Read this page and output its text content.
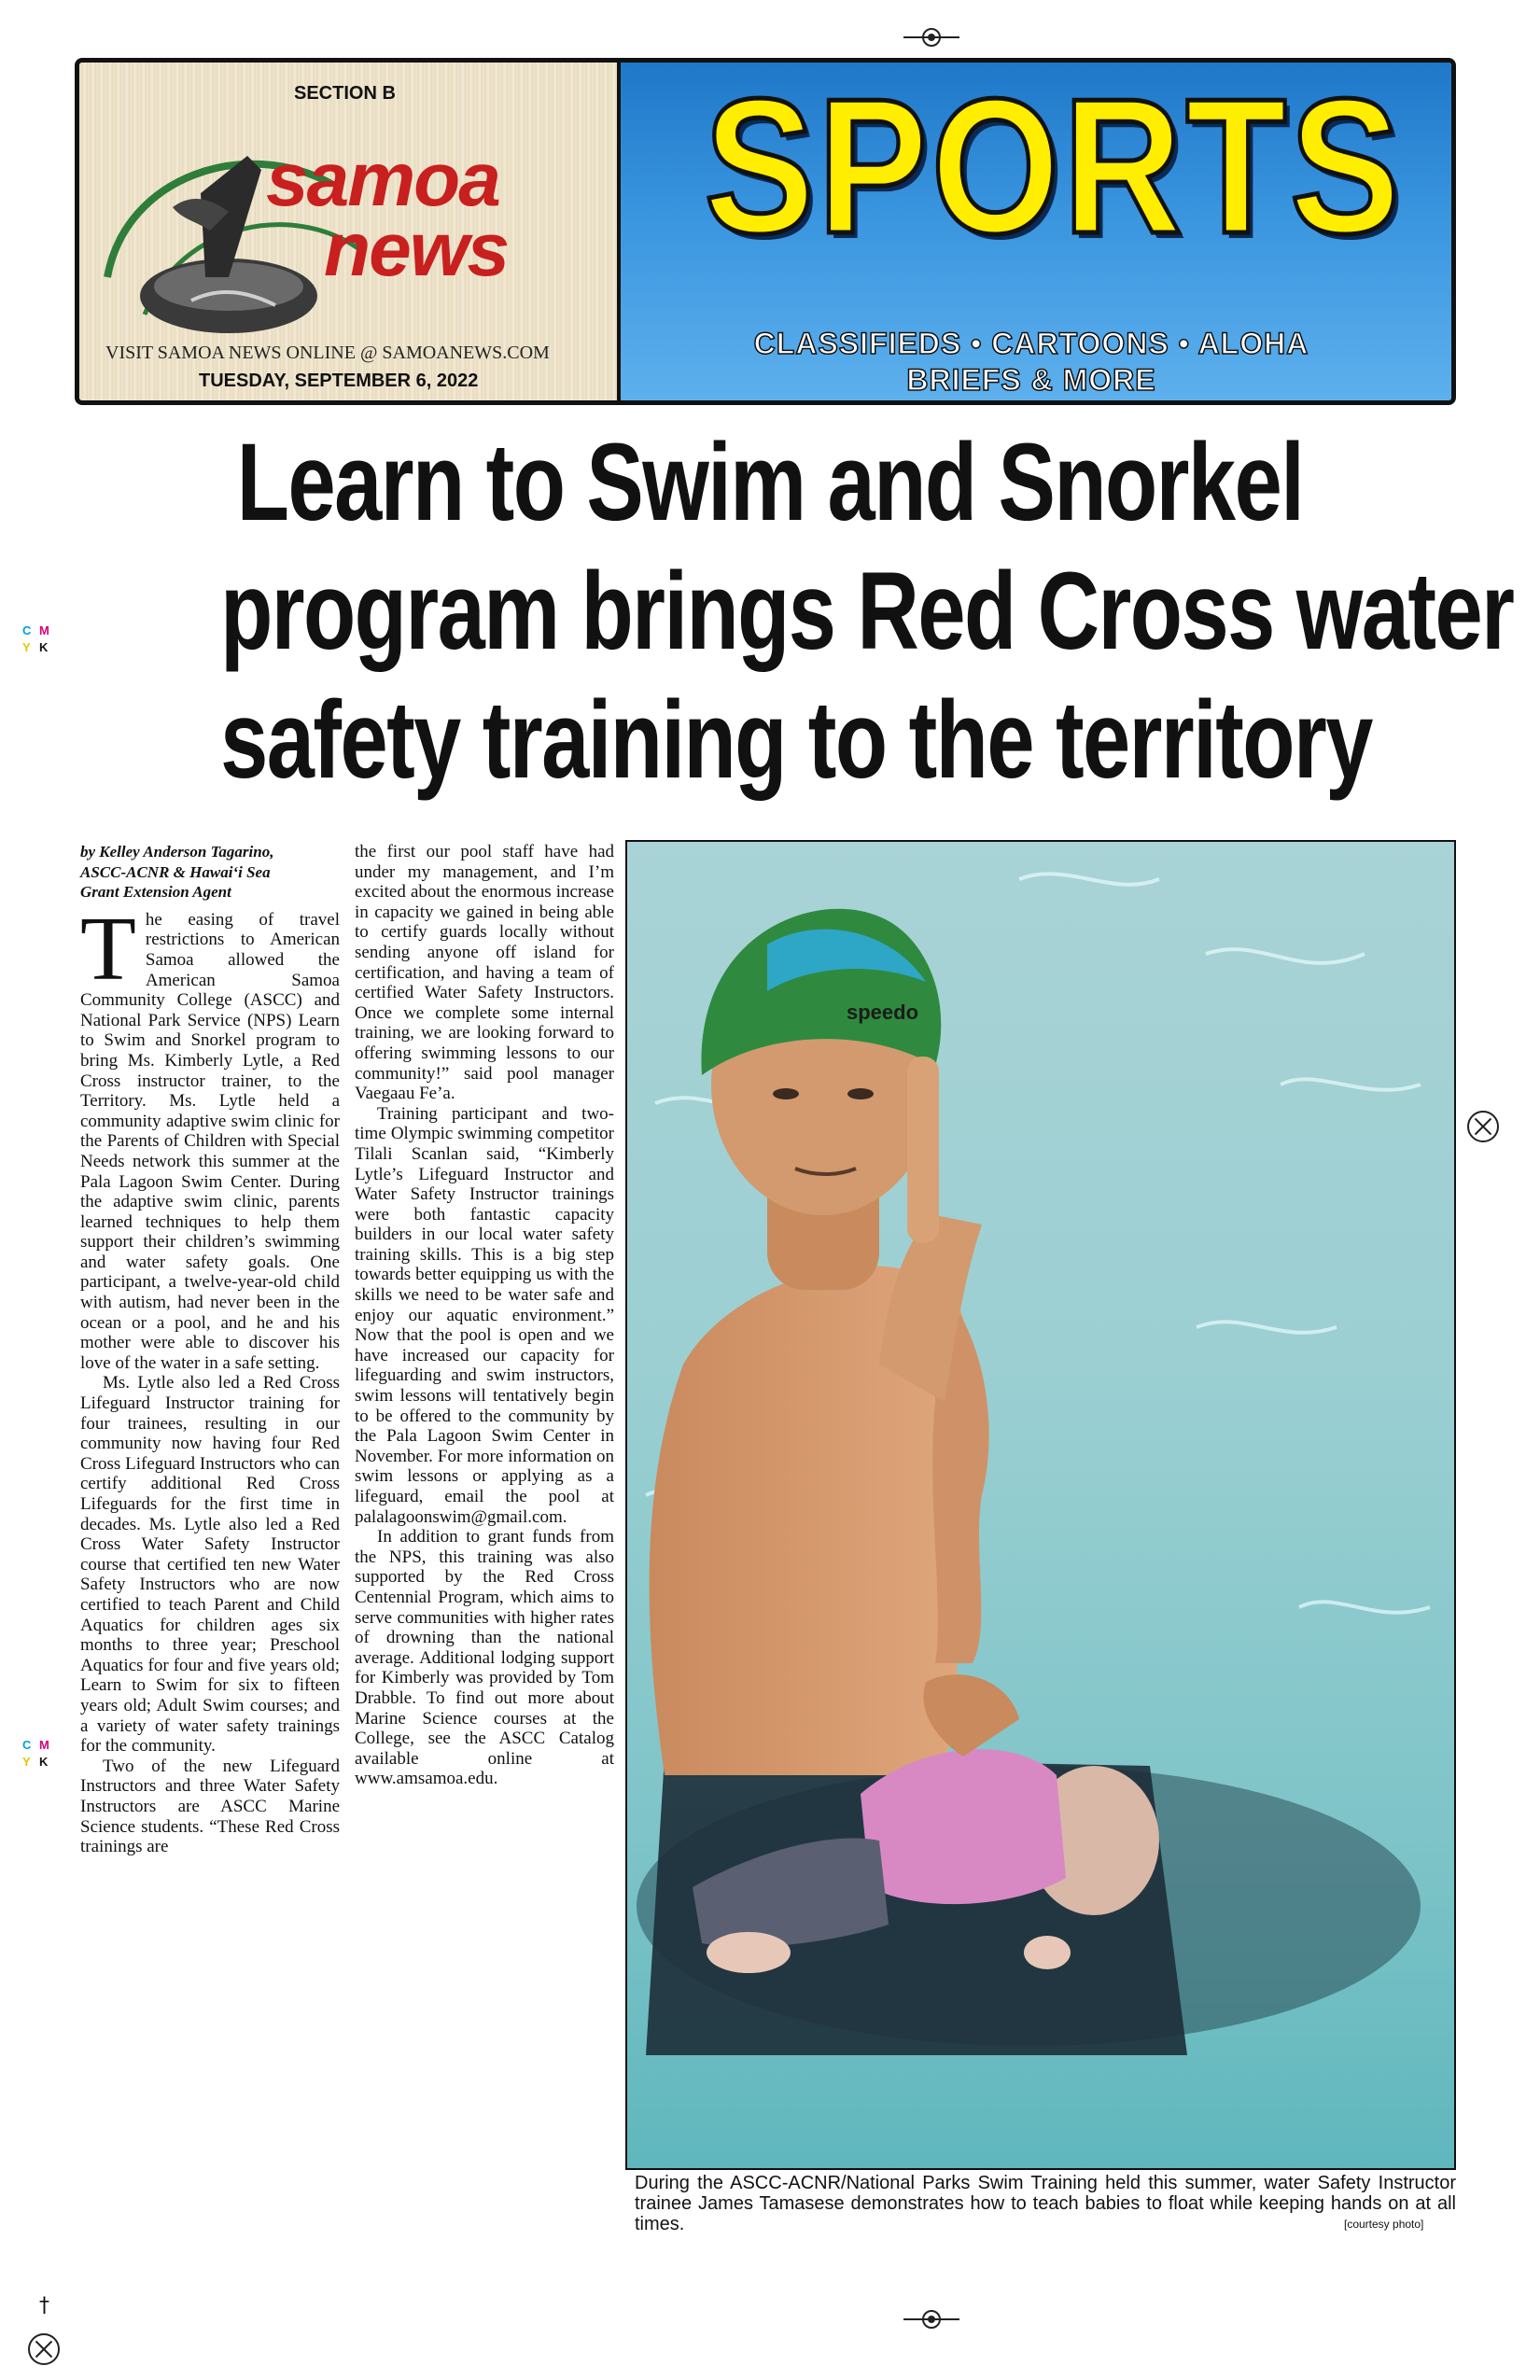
†
C M
Y K
C M
Y K
SECTION B
samoa
news
VISIT SAMOA NEWS ONLINE @ SAMOANEWS.COM
TUESDAY, SEPTEMBER 6, 2022
SPORTS
CLASSIFIEDS • CARTOONS • ALOHA
BRIEFS & MORE
Learn to Swim and Snorkel
program brings Red Cross water
safety training to the territory
by Kelley Anderson Tagarino,
ASCC-ACNR & Hawai‘i Sea
Grant Extension Agent

The easing of travel restrictions to American Samoa allowed the American Samoa Community College (ASCC) and National Park Service (NPS) Learn to Swim and Snorkel program to bring Ms. Kimberly Lytle, a Red Cross instructor trainer, to the Territory. Ms. Lytle held a community adaptive swim clinic for the Parents of Children with Special Needs network this summer at the Pala Lagoon Swim Center. During the adaptive swim clinic, parents learned techniques to help them support their children’s swimming and water safety goals. One participant, a twelve-year-old child with autism, had never been in the ocean or a pool, and he and his mother were able to discover his love of the water in a safe setting.

Ms. Lytle also led a Red Cross Lifeguard Instructor training for four trainees, resulting in our community now having four Red Cross Lifeguard Instructors who can certify additional Red Cross Lifeguards for the first time in decades. Ms. Lytle also led a Red Cross Water Safety Instructor course that certified ten new Water Safety Instructors who are now certified to teach Parent and Child Aquatics for children ages six months to three year; Preschool Aquatics for four and five years old; Learn to Swim for six to fifteen years old; Adult Swim courses; and a variety of water safety trainings for the community.

Two of the new Lifeguard Instructors and three Water Safety Instructors are ASCC Marine Science students. “These Red Cross trainings are

the first our pool staff have had under my management, and I’m excited about the enormous increase in capacity we gained in being able to certify guards locally without sending anyone off island for certification, and having a team of certified Water Safety Instructors. Once we complete some internal training, we are looking forward to offering swimming lessons to our community!” said pool manager Vaegaau Fe’a.

Training participant and two-time Olympic swimming competitor Tilali Scanlan said, “Kimberly Lytle’s Lifeguard Instructor and Water Safety Instructor trainings were both fantastic capacity builders in our local water safety training skills. This is a big step towards better equipping us with the skills we need to be water safe and enjoy our aquatic environment.” Now that the pool is open and we have increased our capacity for lifeguarding and swim instructors, swim lessons will tentatively begin to be offered to the community by the Pala Lagoon Swim Center in November. For more information on swim lessons or applying as a lifeguard, email the pool at palalagoonswim@gmail.com.

In addition to grant funds from the NPS, this training was also supported by the Red Cross Centennial Program, which aims to serve communities with higher rates of drowning than the national average. Additional lodging support for Kimberly was provided by Tom Drabble. To find out more about Marine Science courses at the College, see the ASCC Catalog available online at www.amsamoa.edu.

speedo
During the ASCC-ACNR/National Parks Swim Training held this summer, water Safety Instructor trainee James Tamasese demonstrates how to teach babies to float while keeping hands on at all times.	[courtesy photo]
